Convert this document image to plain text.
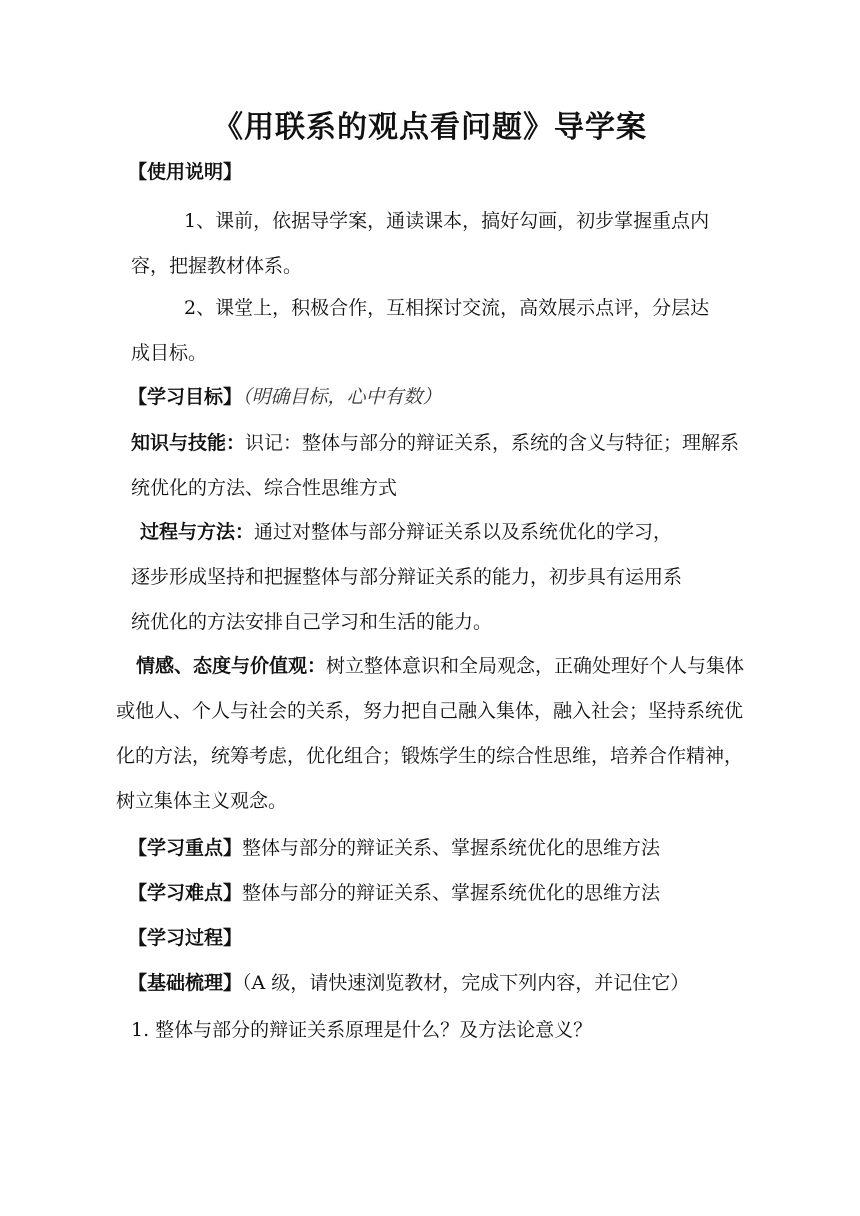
《用联系的观点看问题》导学案
【使用说明】
1、课前，依据导学案，通读课本，搞好勾画，初步掌握重点内
容，把握教材体系。
2、课堂上，积极合作，互相探讨交流，高效展示点评，分层达
成目标。
【学习目标】（明确目标，心中有数）
知识与技能：识记：整体与部分的辩证关系，系统的含义与特征；理解系
统优化的方法、综合性思维方式
过程与方法：通过对整体与部分辩证关系以及系统优化的学习，
逐步形成坚持和把握整体与部分辩证关系的能力，初步具有运用系
统优化的方法安排自己学习和生活的能力。
情感、态度与价值观：树立整体意识和全局观念，正确处理好个人与集体
或他人、个人与社会的关系，努力把自己融入集体，融入社会；坚持系统优
化的方法，统筹考虑，优化组合；锻炼学生的综合性思维，培养合作精神，
树立集体主义观念。
【学习重点】整体与部分的辩证关系、掌握系统优化的思维方法
【学习难点】整体与部分的辩证关系、掌握系统优化的思维方法
【学习过程】
【基础梳理】（A 级，请快速浏览教材，完成下列内容，并记住它）
1. 整体与部分的辩证关系原理是什么？及方法论意义？
